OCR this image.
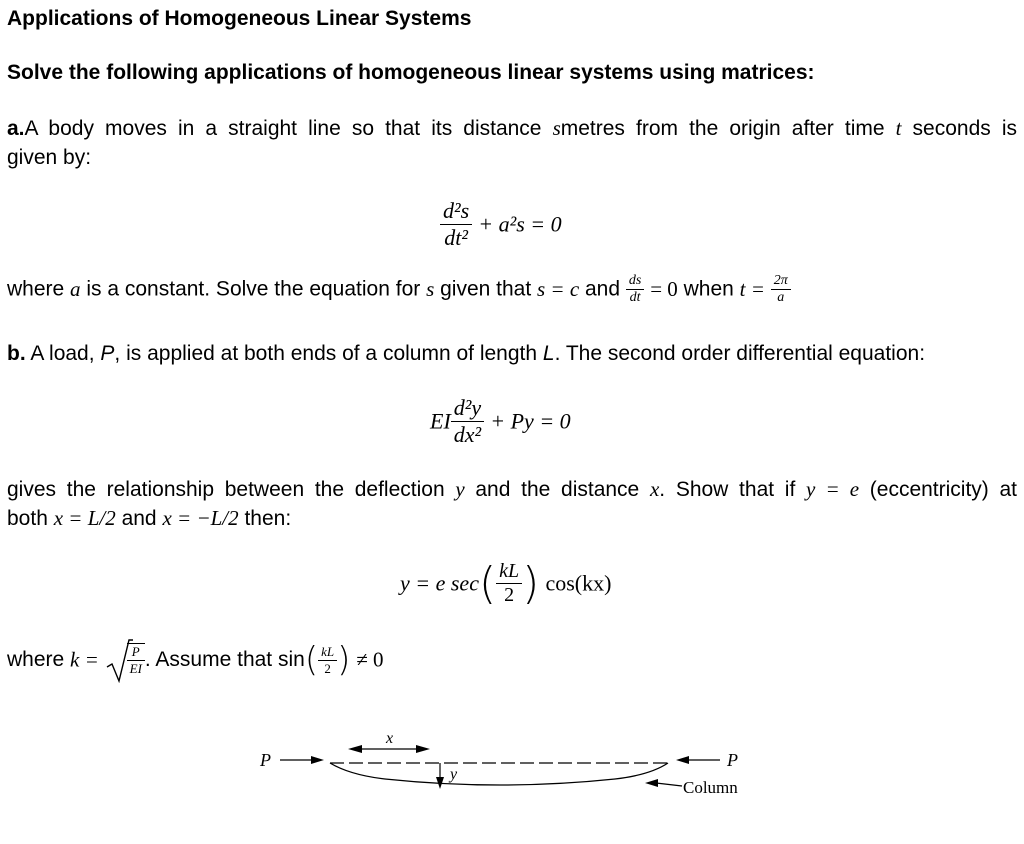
Applications of Homogeneous Linear Systems
Solve the following applications of homogeneous linear systems using matrices:
a.A body moves in a straight line so that its distance smetres from the origin after time t seconds is
given by:
$\frac{\text{d²s}}{\text{dt²}} + a^2s = 0$
where a is a constant. Solve the equation for s given that s = c and $\frac{ds}{dt} = 0$ when $t = \frac{2\pi}{a}$
b. A load, P, is applied at both ends of a column of length L. The second order differential equation:
EI $\frac{\text{d²y}}{\text{dx²}} + Py = 0$
gives the relationship between the deflection y and the distance x. Show that if y = e (eccentricity) at
both x = L/2 and x = −L/2 then:
y = e $\sec( \frac{kL}{2}$ ) cos(kx)
where $k = \frac{P}{EI}$ . Assume that $\sin( \frac{kL}{2}$ ) ≠ 0
P
x
y
P
Column
